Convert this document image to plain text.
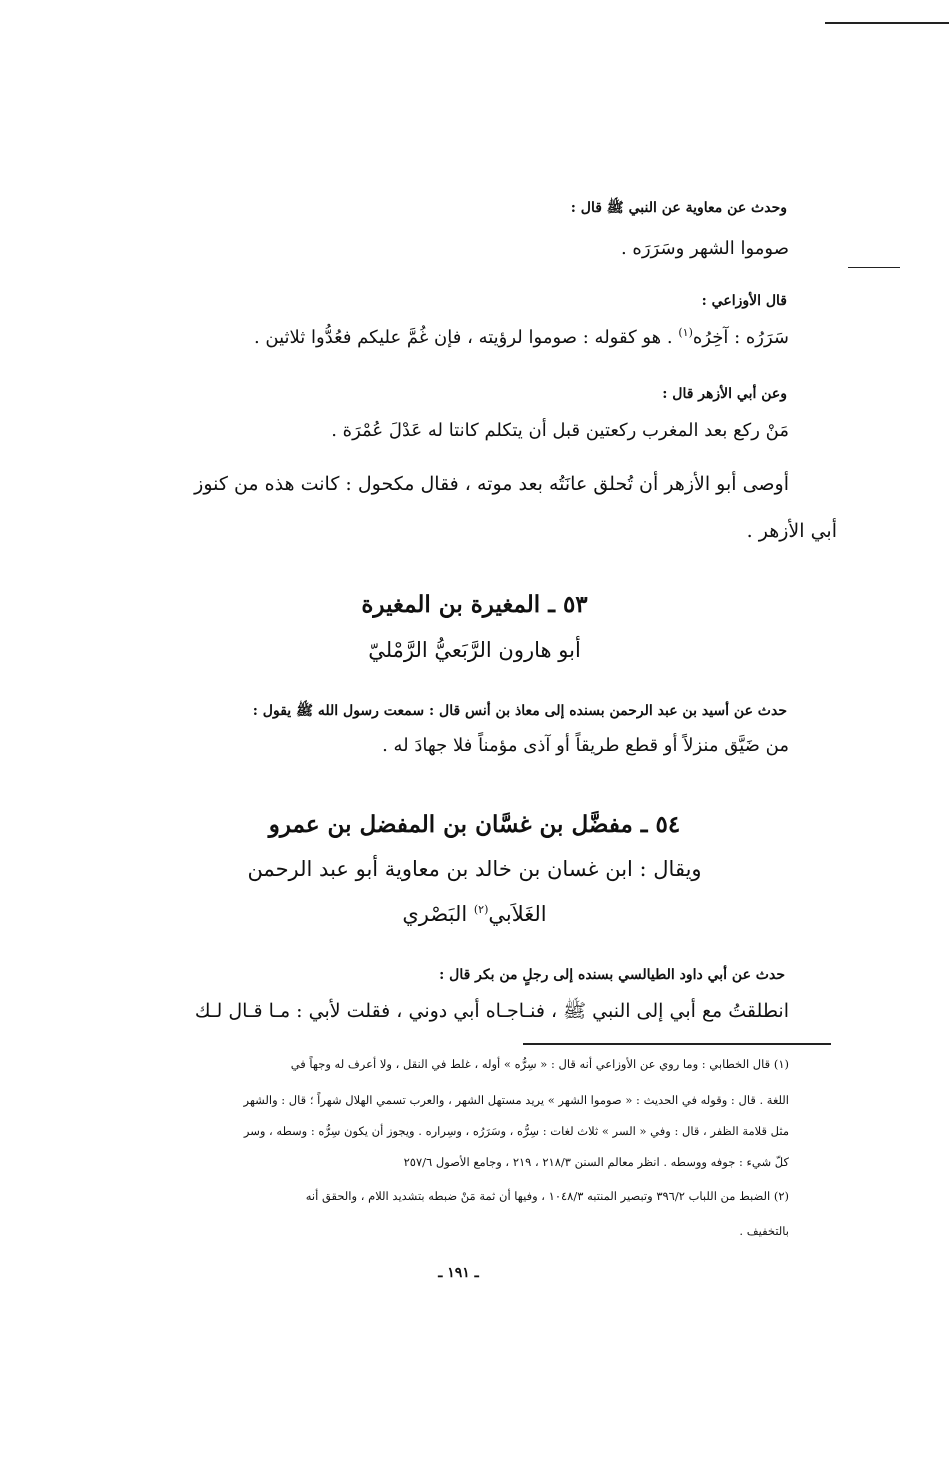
وحدث عن معاوية عن النبي ﷺ قال :
صوموا الشهر وسَرَرَه .
قال الأوزاعي :
سَرَرُه : آخِرُه$^{(١)}$ . هو كقوله : صوموا لرؤيته ، فإن غُمَّ عليكم فعُدُّوا ثلاثين .
وعن أبي الأزهر قال :
مَنْ ركع بعد المغرب ركعتين قبل أن يتكلم كانتا له عَدْلَ عُمْرَة .
أوصى أبو الأزهر أن تُحلق عانَتُه بعد موته ، فقال مكحول : كانت هذه من كنوز
أبي الأزهر .
٥٣ ـ المغيرة بن المغيرة
أبو هارون الرَّبَعيُّ الرَّمْليّ
حدث عن أسيد بن عبد الرحمن بسنده إلى معاذ بن أنس قال : سمعت رسول الله ﷺ يقول :
من ضَيَّق منزلاً أو قطع طريقاً أو آذى مؤمناً فلا جهادَ له .
٥٤ ـ مفضَّل بن غسَّان بن المفضل بن عمرو
ويقال : ابن غسان بن خالد بن معاوية أبو عبد الرحمن
الغَلاَبي$^{(٢)}$ البَصْري
حدث عن أبي داود الطيالسي بسنده إلى رجلٍ من بكر قال :
انطلقتُ مع أبي إلى النبي ﷺ ، فنـاجـاه أبي دوني ، فقلت لأبي : مـا قـال لـك
(١) قال الخطابي : وما روي عن الأوزاعي أنه قال : « سِرُّه » أوله ، غلط في النقل ، ولا أعرف له وجهاً في
اللغة . قال : وقوله في الحديث : « صوموا الشهر » يريد مستهل الشهر ، والعرب تسمي الهلال شهراً ؛ قال : والشهر
مثل قلامة الظفر ، قال : وفي « السر » ثلاث لغات : سِرُّه ، وسَرَرُه ، وسِراره . ويجوز أن يكون سِرُّه : وسطه ، وسر
كلّ شيء : جوفه ووسطه . انظر معالم السنن ٢١٨/٣ ، ٢١٩ ، وجامع الأصول ٢٥٧/٦
(٢) الضبط من اللباب ٣٩٦/٢ وتبصير المنتبه ١٠٤٨/٣ ، وفيها أن ثمة مَنْ ضبطه بتشديد اللام ، والحقق أنه
بالتخفيف .
ـ ١٩١ ـ
